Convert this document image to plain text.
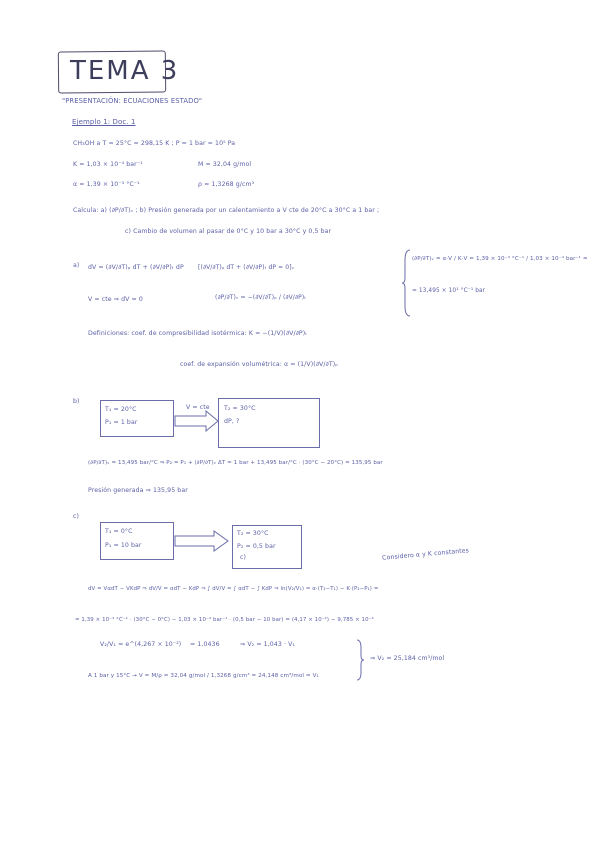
TEMA 3
"PRESENTACIÓN: ECUACIONES ESTADO"
Ejemplo 1: Doc. 1
CH₃OH a T = 25°C = 298,15 K ; P = 1 bar = 10⁵ Pa
K = 1,03 × 10⁻⁴ bar⁻¹	M = 32,04 g/mol
α = 1,39 × 10⁻³ °C⁻¹	ρ = 1,3268 g/cm³
Calcula: a) (∂P/∂T)ᵥ ; b) Presión generada por un calentamiento a V cte de 20°C a 30°C a 1 bar ;
c) Cambio de volumen al pasar de 0°C y 10 bar a 30°C y 0,5 bar
a) dV = (∂V/∂T)ₚ dT + (∂V/∂P)ₜ dP [(∂V/∂T)ₚ dT + (∂V/∂P)ₜ dP = 0]ᵥ
V = cte ⇒ dV = 0	(∂P/∂T)ᵥ = −(∂V/∂T)ₚ / (∂V/∂P)ₜ
(∂P/∂T)ᵥ = α·V / K·V = 1,39 × 10⁻³ °C⁻¹ / 1,03 × 10⁻⁴ bar⁻¹ =
= 13,495 × 10¹ °C⁻¹ bar
Definiciones: coef. de compresibilidad isotérmica: K = −(1/V)(∂V/∂P)ₜ
coef. de expansión volumétrica: α = (1/V)(∂V/∂T)ₚ
b)
T₁ = 20°C
P₁ = 1 bar
V = cte T₂ = 30°C
dP, ?
(∂P/∂T)ᵥ = 13,495 bar/°C ⇒ P₂ = P₁ + (∂P/∂T)ᵥ ΔT = 1 bar + 13,495 bar/°C · (30°C − 20°C) = 135,95 bar
Presión generada ⇒ 135,95 bar
c)
T₁ = 0°C
P₁ = 10 bar
T₂ = 30°C
P₂ = 0,5 bar
c)	Considero α y K constantes
dV = VαdT − VKdP ⇒ dV/V = αdT − KdP ⇒ ∫ dV/V = ∫ αdT − ∫ KdP ⇒ ln(V₂/V₁) = α·(T₂−T₁) − K·(P₂−P₁) =
= 1,39 × 10⁻³ °C⁻¹ · (30°C − 0°C) − 1,03 × 10⁻⁴ bar⁻¹ · (0,5 bar − 10 bar) = (4,17 × 10⁻²) − 9,785 × 10⁻⁴
V₂/V₁ = e^(4,267 × 10⁻²) = 1,0436	⇒ V₂ = 1,043 · V₁
⇒ V₂ = 25,184 cm³/mol
A 1 bar y 15°C → V = M/ρ = 32,04 g/mol / 1,3268 g/cm³ = 24,148 cm³/mol = V₁
